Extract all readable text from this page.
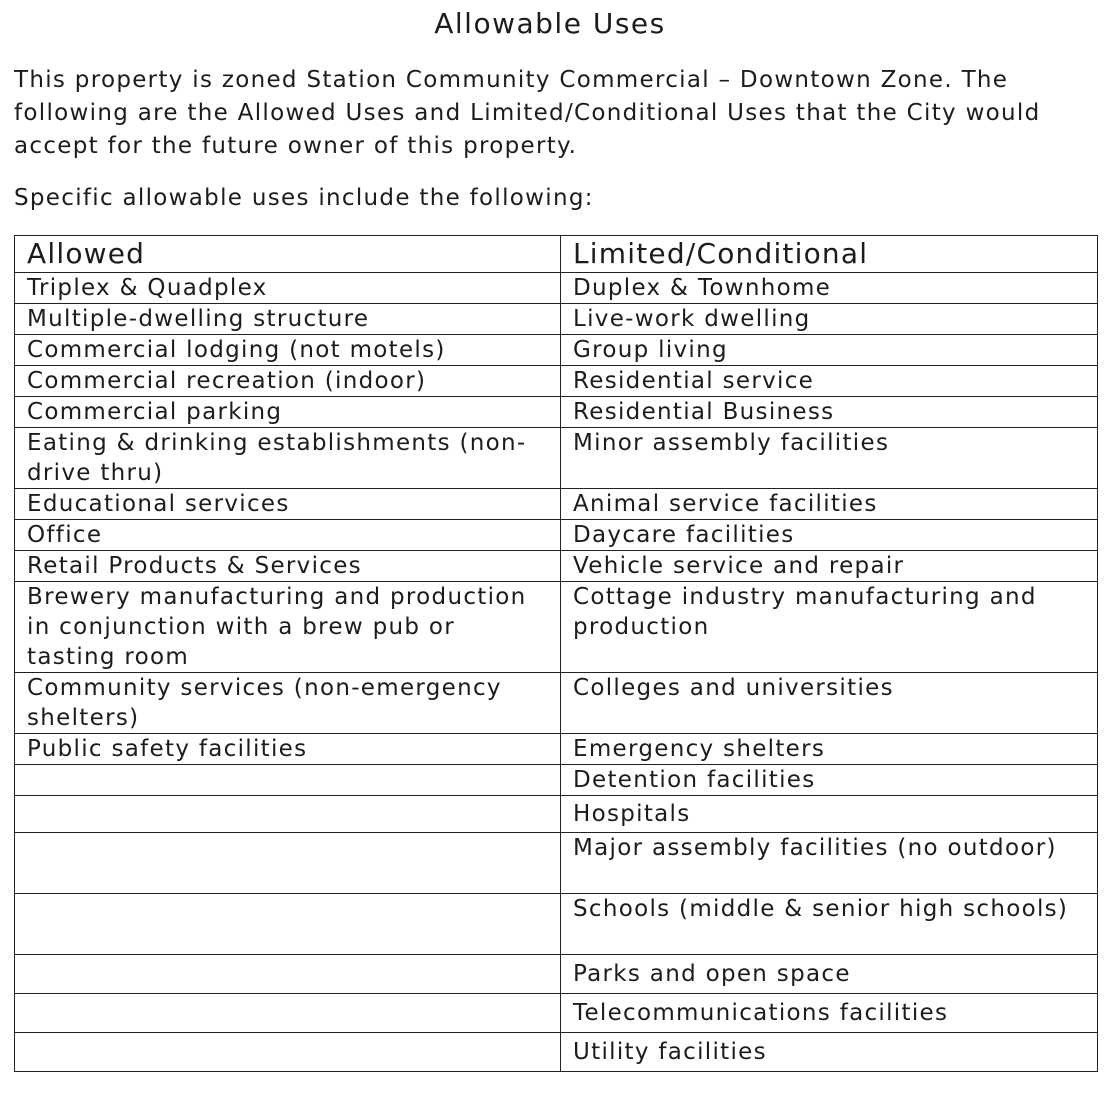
Allowable Uses

This property is zoned Station Community Commercial – Downtown Zone. The following are the Allowed Uses and Limited/Conditional Uses that the City would accept for the future owner of this property.

Specific allowable uses include the following:

Allowed	Limited/Conditional
Triplex & Quadplex	Duplex & Townhome
Multiple-dwelling structure	Live-work dwelling
Commercial lodging (not motels)	Group living
Commercial recreation (indoor)	Residential service
Commercial parking	Residential Business
Eating & drinking establishments (non-drive thru)	Minor assembly facilities
Educational services	Animal service facilities
Office	Daycare facilities
Retail Products & Services	Vehicle service and repair
Brewery manufacturing and production in conjunction with a brew pub or tasting room	Cottage industry manufacturing and production
Community services (non-emergency shelters)	Colleges and universities
Public safety facilities	Emergency shelters
	Detention facilities
	Hospitals
	Major assembly facilities (no outdoor)
	Schools (middle & senior high schools)
	Parks and open space
	Telecommunications facilities
	Utility facilities
